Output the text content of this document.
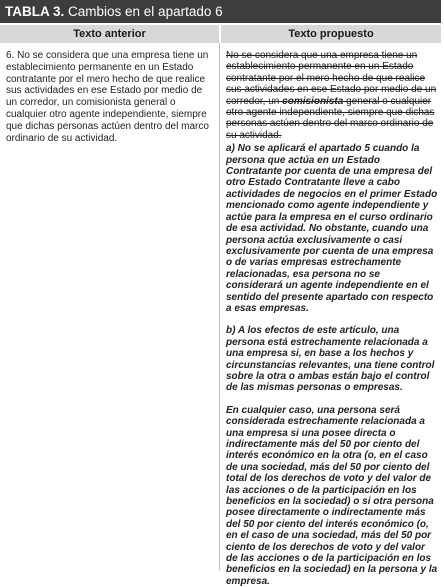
TABLA 3. Cambios en el apartado 6
Texto anterior	Texto propuesto

6. No se considera que una empresa tiene un establecimiento permanente en un Estado contratante por el mero hecho de que realice sus actividades en ese Estado por medio de un corredor, un comisionista general o cualquier otro agente independiente, siempre que dichas personas actúen dentro del marco ordinario de su actividad.

No se considera que una empresa tiene un establecimiento permanente en un Estado contratante por el mero hecho de que realice sus actividades en ese Estado por medio de un corredor, un comisionista general o cualquier otro agente independiente, siempre que dichas personas actúen dentro del marco ordinario de su actividad.

a) No se aplicará el apartado 5 cuando la persona que actúa en un Estado Contratante por cuenta de una empresa del otro Estado Contratante lleve a cabo actividades de negocios en el primer Estado mencionado como agente independiente y actúe para la empresa en el curso ordinario de esa actividad. No obstante, cuando una persona actúa exclusivamente o casi exclusivamente por cuenta de una empresa o de varias empresas estrechamente relacionadas, esa persona no se considerará un agente independiente en el sentido del presente apartado con respecto a esas empresas.

b) A los efectos de este artículo, una persona está estrechamente relacionada a una empresa si, en base a los hechos y circunstancias relevantes, una tiene control sobre la otra o ambas están bajo el control de las mismas personas o empresas.

En cualquier caso, una persona será considerada estrechamente relacionada a una empresa si una posee directa o indirectamente más del 50 por ciento del interés económico en la otra (o, en el caso de una sociedad, más del 50 por ciento del total de los derechos de voto y del valor de las acciones o de la participación en los beneficios en la sociedad) o si otra persona posee directamente o indirectamente más del 50 por ciento del interés económico (o, en el caso de una sociedad, más del 50 por ciento de los derechos de voto y del valor de las acciones o de la participación en los beneficios en la sociedad) en la persona y la empresa.
